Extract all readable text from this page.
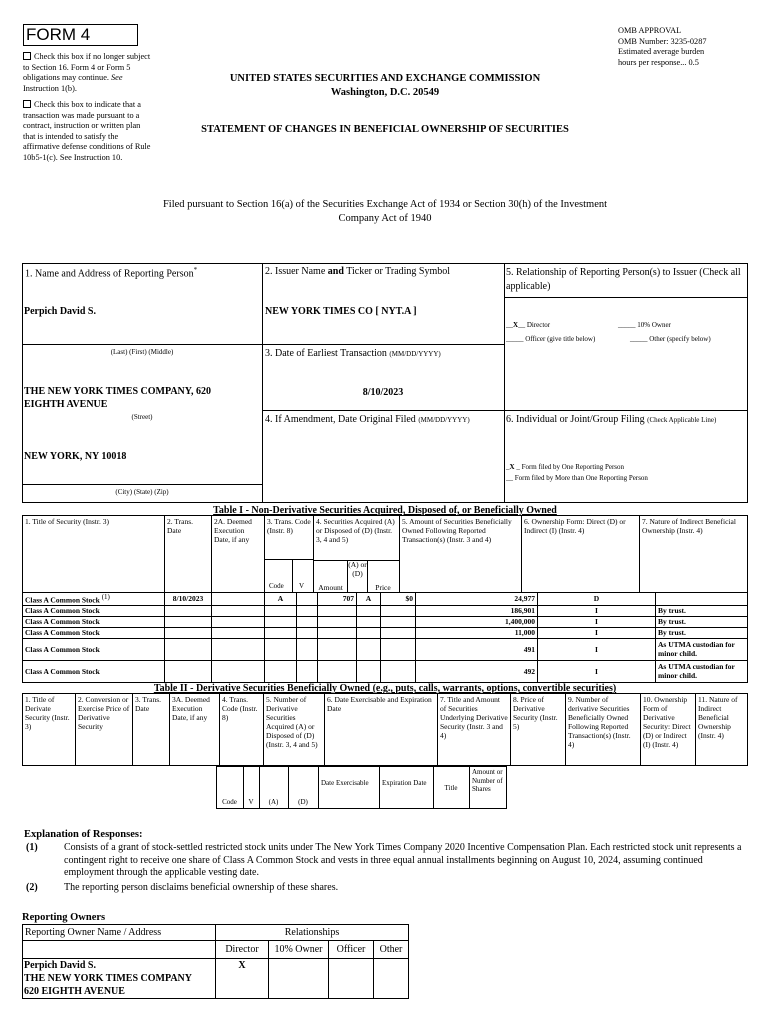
FORM 4
Check this box if no longer subject to Section 16. Form 4 or Form 5 obligations may continue. See Instruction 1(b).
Check this box to indicate that a transaction was made pursuant to a contract, instruction or written plan that is intended to satisfy the affirmative defense conditions of Rule 10b5-1(c). See Instruction 10.
UNITED STATES SECURITIES AND EXCHANGE COMMISSION
Washington, D.C. 20549
STATEMENT OF CHANGES IN BENEFICIAL OWNERSHIP OF SECURITIES
OMB APPROVAL
OMB Number: 3235-0287
Estimated average burden
hours per response... 0.5
Filed pursuant to Section 16(a) of the Securities Exchange Act of 1934 or Section 30(h) of the Investment Company Act of 1940
1. Name and Address of Reporting Person*
Perpich David S.
(Last) (First) (Middle)
THE NEW YORK TIMES COMPANY, 620 EIGHTH AVENUE
(Street)
NEW YORK, NY 10018
(City) (State) (Zip)
2. Issuer Name and Ticker or Trading Symbol
NEW YORK TIMES CO [ NYT.A ]
3. Date of Earliest Transaction (MM/DD/YYYY)
8/10/2023
4. If Amendment, Date Original Filed (MM/DD/YYYY)
5. Relationship of Reporting Person(s) to Issuer (Check all applicable)
__X__ Director	_____ 10% Owner
_____ Officer (give title below)	_____ Other (specify below)
6. Individual or Joint/Group Filing (Check Applicable Line)
_X _ Form filed by One Reporting Person
__ Form filed by More than One Reporting Person
Table I - Non-Derivative Securities Acquired, Disposed of, or Beneficially Owned
1. Title of Security (Instr. 3)	2. Trans. Date	2A. Deemed Execution Date, if any	3. Trans. Code (Instr. 8)	
4. Securities Acquired (A) or Disposed of (D) (Instr. 3, 4 and 5)
Amount
(A) or (D)
Price
	5. Amount of Securities Beneficially Owned Following Reported Transaction(s) (Instr. 3 and 4)	6. Ownership Form: Direct (D) or Indirect (I) (Instr. 4)	7. Nature of Indirect Beneficial Ownership (Instr. 4)
Code V
Class A Common Stock $^{(1)}$	8/10/2023		A		707	A	$0	24,977	D	
Class A Common Stock								186,901	I	By trust.
Class A Common Stock								1,400,000	I	By trust.
Class A Common Stock								11,000	I	By trust.
Class A Common Stock								491	I	As UTMA custodian for minor child.
Class A Common Stock								492	I	As UTMA custodian for minor child.
Table II - Derivative Securities Beneficially Owned (e.g., puts, calls, warrants, options, convertible securities)
1. Title of Derivate Security (Instr. 3)	2. Conversion or Exercise Price of Derivative Security	3. Trans. Date	3A. Deemed Execution Date, if any	4. Trans. Code (Instr. 8)	5. Number of Derivative Securities Acquired (A) or Disposed of (D) (Instr. 3, 4 and 5)	6. Date Exercisable and Expiration Date	7. Title and Amount of Securities Underlying Derivative Security (Instr. 3 and 4)	8. Price of Derivative Security (Instr. 5)	9. Number of derivative Securities Beneficially Owned Following Reported Transaction(s) (Instr. 4)	10. Ownership Form of Derivative Security: Direct (D) or Indirect (I) (Instr. 4)	11. Nature of Indirect Beneficial Ownership (Instr. 4)
Code	V	(A)	(D)
Date Exercisable	Expiration Date
Title
Amount or Number of Shares
Explanation of Responses:
(1)	Consists of a grant of stock-settled restricted stock units under The New York Times Company 2020 Incentive Compensation Plan. Each restricted stock unit represents a contingent right to receive one share of Class A Common Stock and vests in three equal annual installments beginning on August 10, 2024, assuming continued employment through the applicable vesting date.
(2)	The reporting person disclaims beneficial ownership of these shares.
Reporting Owners
Reporting Owner Name / Address	Relationships			
	Director	10% Owner	Officer	Other

Perpich David S.
THE NEW YORK TIMES COMPANY
620 EIGHTH AVENUE	X			
